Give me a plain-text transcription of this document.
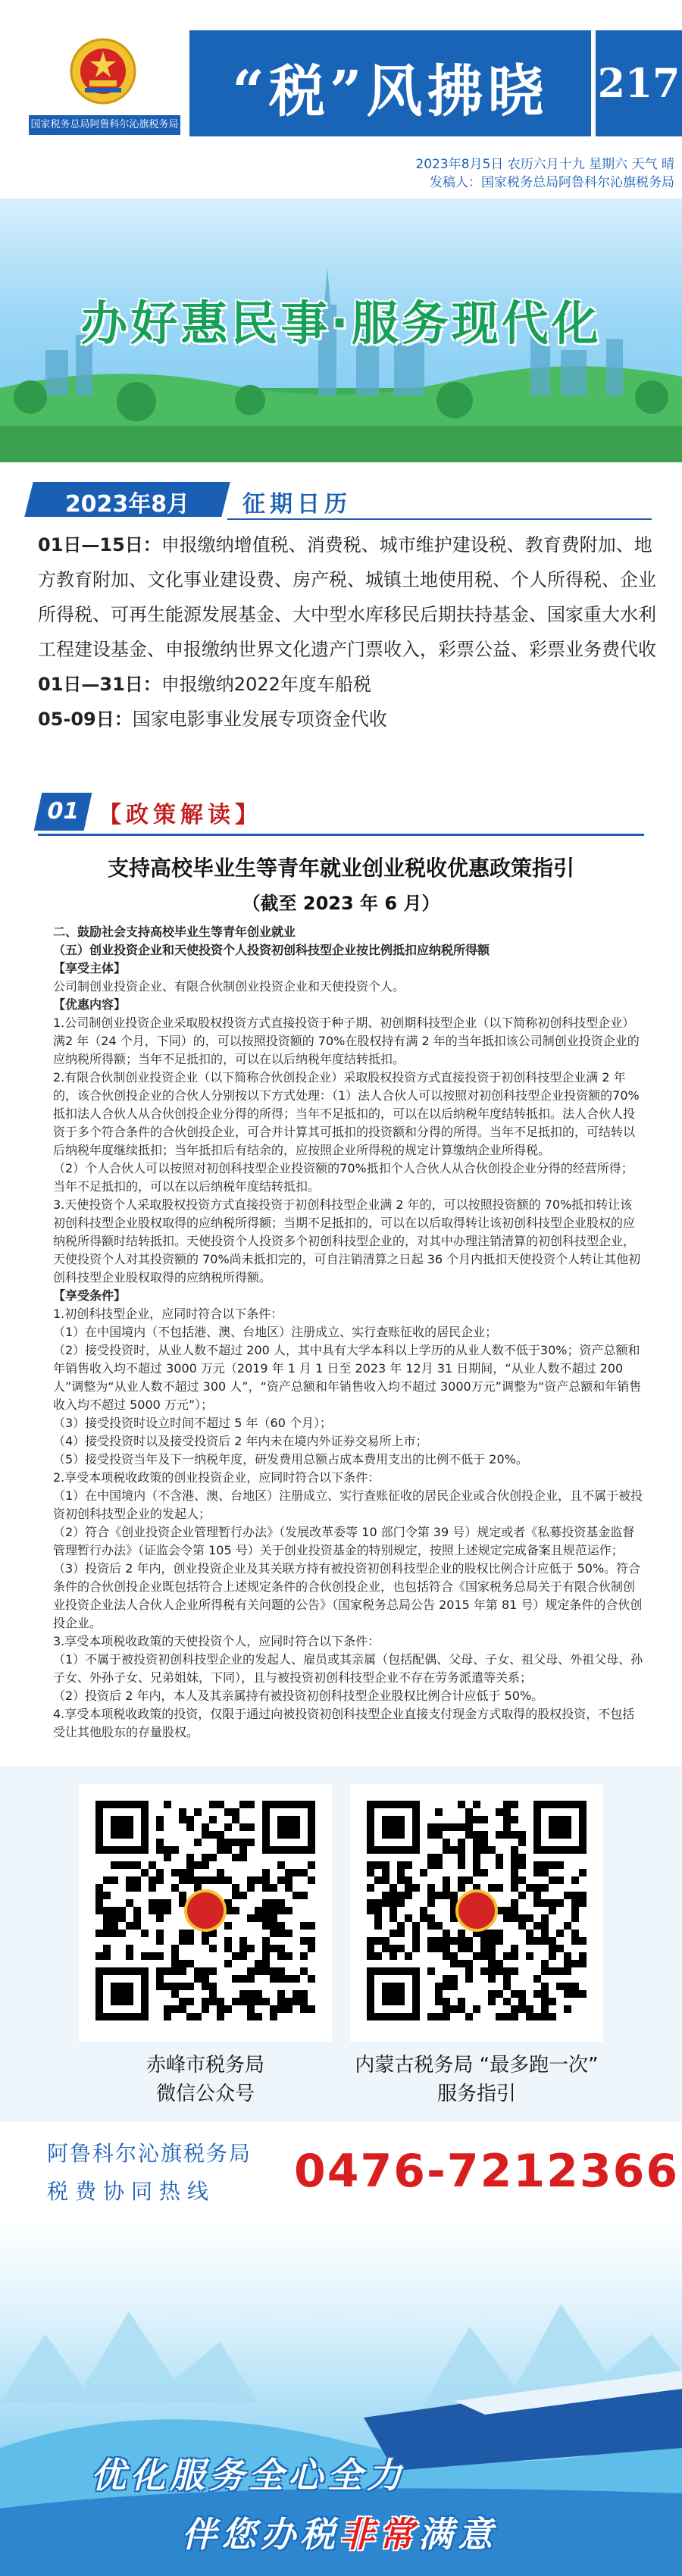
国家税务总局阿鲁科尔沁旗税务局
“税”风拂晓	217
2023年8月5日 农历六月十九 星期六 天气 晴
发稿人：国家税务总局阿鲁科尔沁旗税务局
办好惠民事·服务现代化
2023年8月	征期日历
01日—15日：申报缴纳增值税、消费税、城市维护建设税、教育费附加、地方教育附加、文化事业建设费、房产税、城镇土地使用税、个人所得税、企业所得税、可再生能源发展基金、大中型水库移民后期扶持基金、国家重大水利工程建设基金、申报缴纳世界文化遗产门票收入，彩票公益、彩票业务费代收
01日—31日：申报缴纳2022年度车船税
05-09日：国家电影事业发展专项资金代收
01 【政策解读】
支持高校毕业生等青年就业创业税收优惠政策指引
（截至 2023 年 6 月）

二、鼓励社会支持高校毕业生等青年创业就业

（五）创业投资企业和天使投资个人投资初创科技型企业按比例抵扣应纳税所得额

【享受主体】

公司制创业投资企业、有限合伙制创业投资企业和天使投资个人。

【优惠内容】

1.公司制创业投资企业采取股权投资方式直接投资于种子期、初创期科技型企业（以下简称初创科技型企业）满2 年（24 个月，下同）的，可以按照投资额的 70%在股权持有满 2 年的当年抵扣该公司制创业投资企业的应纳税所得额；当年不足抵扣的，可以在以后纳税年度结转抵扣。

2.有限合伙制创业投资企业（以下简称合伙创投企业）采取股权投资方式直接投资于初创科技型企业满 2 年的，该合伙创投企业的合伙人分别按以下方式处理：（1）法人合伙人可以按照对初创科技型企业投资额的70%抵扣法人合伙人从合伙创投企业分得的所得；当年不足抵扣的，可以在以后纳税年度结转抵扣。法人合伙人投资于多个符合条件的合伙创投企业，可合并计算其可抵扣的投资额和分得的所得。当年不足抵扣的，可结转以后纳税年度继续抵扣；当年抵扣后有结余的，应按照企业所得税的规定计算缴纳企业所得税。

（2）个人合伙人可以按照对初创科技型企业投资额的70%抵扣个人合伙人从合伙创投企业分得的经营所得；当年不足抵扣的，可以在以后纳税年度结转抵扣。

3.天使投资个人采取股权投资方式直接投资于初创科技型企业满 2 年的，可以按照投资额的 70%抵扣转让该初创科技型企业股权取得的应纳税所得额；当期不足抵扣的，可以在以后取得转让该初创科技型企业股权的应纳税所得额时结转抵扣。天使投资个人投资多个初创科技型企业的，对其中办理注销清算的初创科技型企业，天使投资个人对其投资额的 70%尚未抵扣完的，可自注销清算之日起 36 个月内抵扣天使投资个人转让其他初创科技型企业股权取得的应纳税所得额。

【享受条件】

1.初创科技型企业，应同时符合以下条件：

（1）在中国境内（不包括港、澳、台地区）注册成立、实行查账征收的居民企业；

（2）接受投资时，从业人数不超过 200 人，其中具有大学本科以上学历的从业人数不低于30%；资产总额和年销售收入均不超过 3000 万元（2019 年 1 月 1 日至 2023 年 12月 31 日期间，“从业人数不超过 200 人”调整为“从业人数不超过 300 人”，“资产总额和年销售收入均不超过 3000万元”调整为“资产总额和年销售收入均不超过 5000 万元”）；

（3）接受投资时设立时间不超过 5 年（60 个月）；

（4）接受投资时以及接受投资后 2 年内未在境内外证券交易所上市；

（5）接受投资当年及下一纳税年度，研发费用总额占成本费用支出的比例不低于 20%。

2.享受本项税收政策的创业投资企业，应同时符合以下条件：

（1）在中国境内（不含港、澳、台地区）注册成立、实行查账征收的居民企业或合伙创投企业，且不属于被投资初创科技型企业的发起人；

（2）符合《创业投资企业管理暂行办法》（发展改革委等 10 部门令第 39 号）规定或者《私募投资基金监督管理暂行办法》（证监会令第 105 号）关于创业投资基金的特别规定，按照上述规定完成备案且规范运作；

（3）投资后 2 年内，创业投资企业及其关联方持有被投资初创科技型企业的股权比例合计应低于 50%。符合条件的合伙创投企业既包括符合上述规定条件的合伙创投企业，也包括符合《国家税务总局关于有限合伙制创业投资企业法人合伙人企业所得税有关问题的公告》（国家税务总局公告 2015 年第 81 号）规定条件的合伙创投企业。

3.享受本项税收政策的天使投资个人，应同时符合以下条件：

（1）不属于被投资初创科技型企业的发起人、雇员或其亲属（包括配偶、父母、子女、祖父母、外祖父母、孙子女、外孙子女、兄弟姐妹，下同），且与被投资初创科技型企业不存在劳务派遣等关系；

（2）投资后 2 年内，本人及其亲属持有被投资初创科技型企业股权比例合计应低于 50%。

4.享受本项税收政策的投资，仅限于通过向被投资初创科技型企业直接支付现金方式取得的股权投资，不包括受让其他股东的存量股权。

赤峰市税务局
微信公众号
内蒙古税务局 “最多跑一次”
服务指引
阿鲁科尔沁旗税务局
税费协同热线 0476-7212366
优化服务全心全力
伴您办税非常满意
